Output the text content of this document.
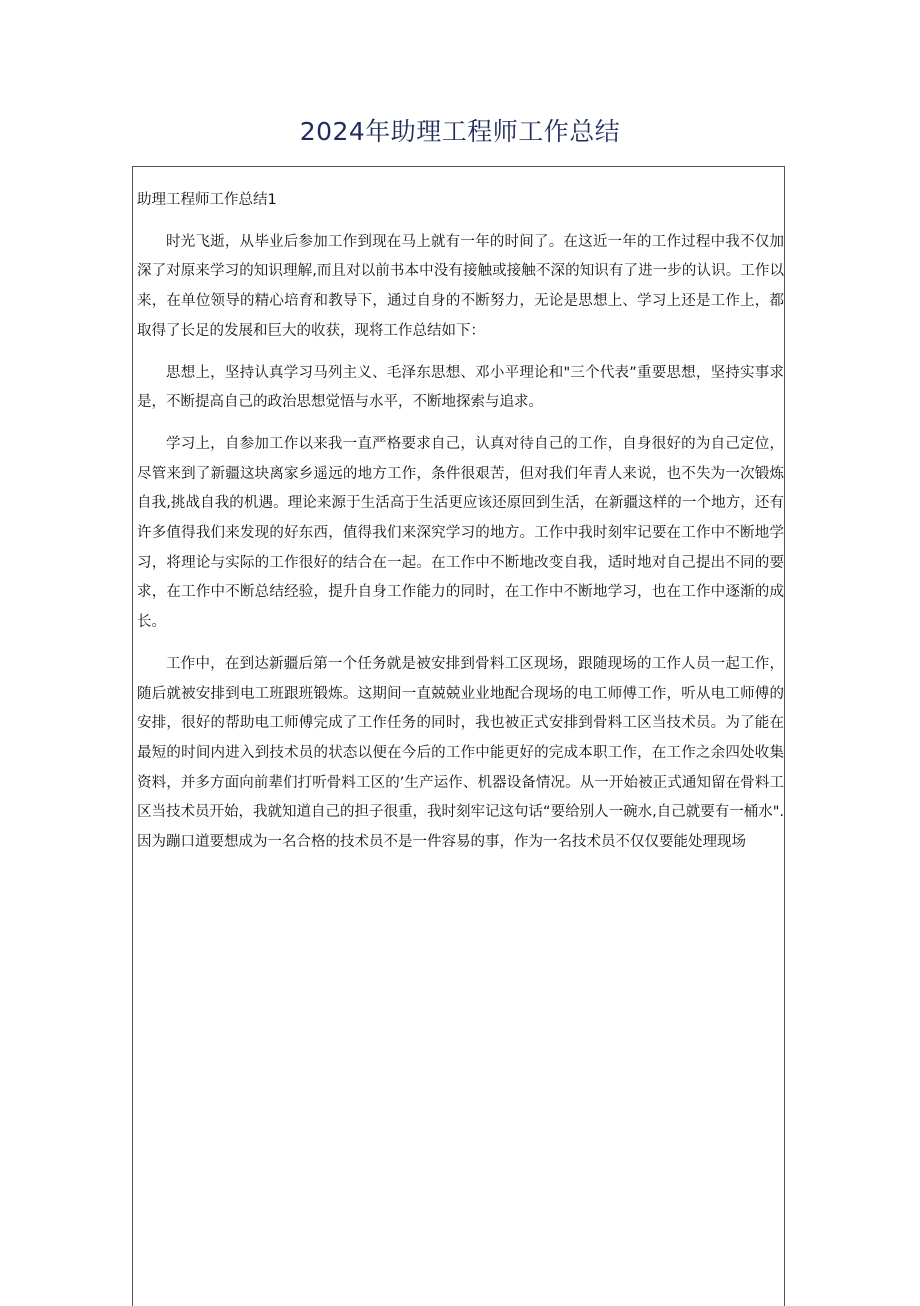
2024年助理工程师工作总结

助理工程师工作总结1

时光飞逝，从毕业后参加工作到现在马上就有一年的时间了。在这近一年的工作过程中我不仅加深了对原来学习的知识理解,而且对以前书本中没有接触或接触不深的知识有了进一步的认识。工作以来，在单位领导的精心培育和教导下，通过自身的不断努力，无论是思想上、学习上还是工作上，都取得了长足的发展和巨大的收获，现将工作总结如下：

思想上，坚持认真学习马列主义、毛泽东思想、邓小平理论和"三个代表”重要思想，坚持实事求是，不断提高自己的政治思想觉悟与水平，不断地探索与追求。

学习上，自参加工作以来我一直严格要求自己，认真对待自己的工作，自身很好的为自己定位，尽管来到了新疆这块离家乡遥远的地方工作，条件很艰苦，但对我们年青人来说，也不失为一次锻炼自我,挑战自我的机遇。理论来源于生活高于生活更应该还原回到生活，在新疆这样的一个地方，还有许多值得我们来发现的好东西，值得我们来深究学习的地方。工作中我时刻牢记要在工作中不断地学习，将理论与实际的工作很好的结合在一起。在工作中不断地改变自我，适时地对自己提出不同的要求，在工作中不断总结经验，提升自身工作能力的同时，在工作中不断地学习，也在工作中逐渐的成长。

工作中，在到达新疆后第一个任务就是被安排到骨料工区现场，跟随现场的工作人员一起工作，随后就被安排到电工班跟班锻炼。这期间一直兢兢业业地配合现场的电工师傅工作，听从电工师傅的安排，很好的帮助电工师傅完成了工作任务的同时，我也被正式安排到骨料工区当技术员。为了能在最短的时间内进入到技术员的状态以便在今后的工作中能更好的完成本职工作，在工作之余四处收集资料，并多方面向前辈们打听骨料工区的’生产运作、机器设备情况。从一开始被正式通知留在骨料工区当技术员开始，我就知道自己的担子很重，我时刻牢记这句话“要给别人一碗水,自己就要有一桶水".因为蹦口道要想成为一名合格的技术员不是一件容易的事，作为一名技术员不仅仅要能处理现场
